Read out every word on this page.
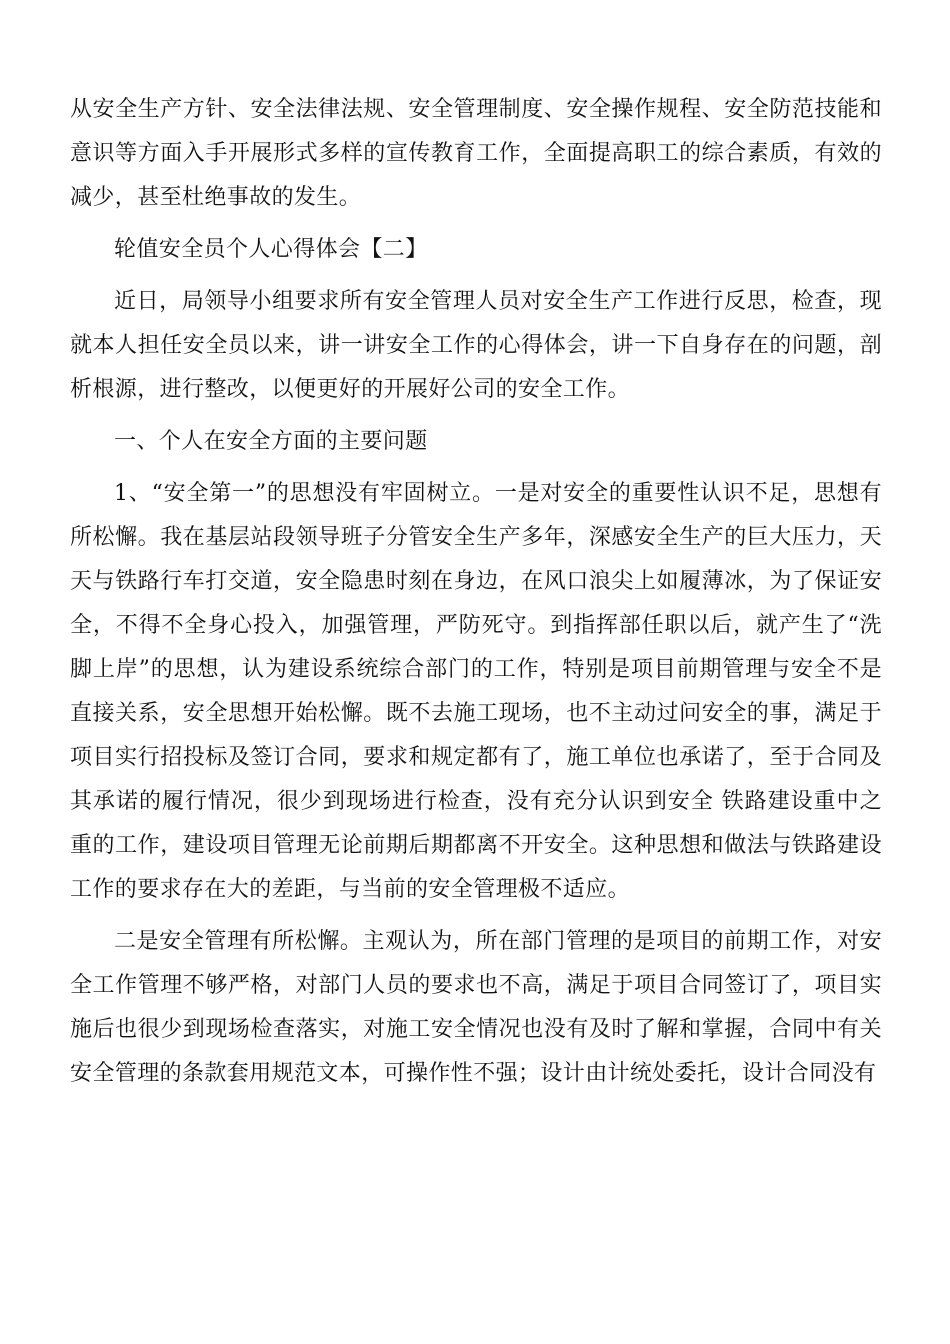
从安全生产方针、安全法律法规、安全管理制度、安全操作规程、安全防范技能和意识等方面入手开展形式多样的宣传教育工作，全面提高职工的综合素质，有效的减少，甚至杜绝事故的发生。

轮值安全员个人心得体会【二】

近日，局领导小组要求所有安全管理人员对安全生产工作进行反思，检查，现就本人担任安全员以来，讲一讲安全工作的心得体会，讲一下自身存在的问题，剖析根源，进行整改，以便更好的开展好公司的安全工作。

一、个人在安全方面的主要问题

1、“安全第一”的思想没有牢固树立。一是对安全的重要性认识不足，思想有所松懈。我在基层站段领导班子分管安全生产多年，深感安全生产的巨大压力，天天与铁路行车打交道，安全隐患时刻在身边，在风口浪尖上如履薄冰，为了保证安全，不得不全身心投入，加强管理，严防死守。到指挥部任职以后，就产生了“洗脚上岸”的思想，认为建设系统综合部门的工作，特别是项目前期管理与安全不是直接关系，安全思想开始松懈。既不去施工现场，也不主动过问安全的事，满足于项目实行招投标及签订合同，要求和规定都有了，施工单位也承诺了，至于合同及其承诺的履行情况，很少到现场进行检查，没有充分认识到安全 铁路建设重中之重的工作，建设项目管理无论前期后期都离不开安全。这种思想和做法与铁路建设工作的要求存在大的差距，与当前的安全管理极不适应。

二是安全管理有所松懈。主观认为，所在部门管理的是项目的前期工作，对安全工作管理不够严格，对部门人员的要求也不高，满足于项目合同签订了，项目实施后也很少到现场检查落实，对施工安全情况也没有及时了解和掌握，合同中有关安全管理的条款套用规范文本，可操作性不强；设计由计统处委托，设计合同没有
